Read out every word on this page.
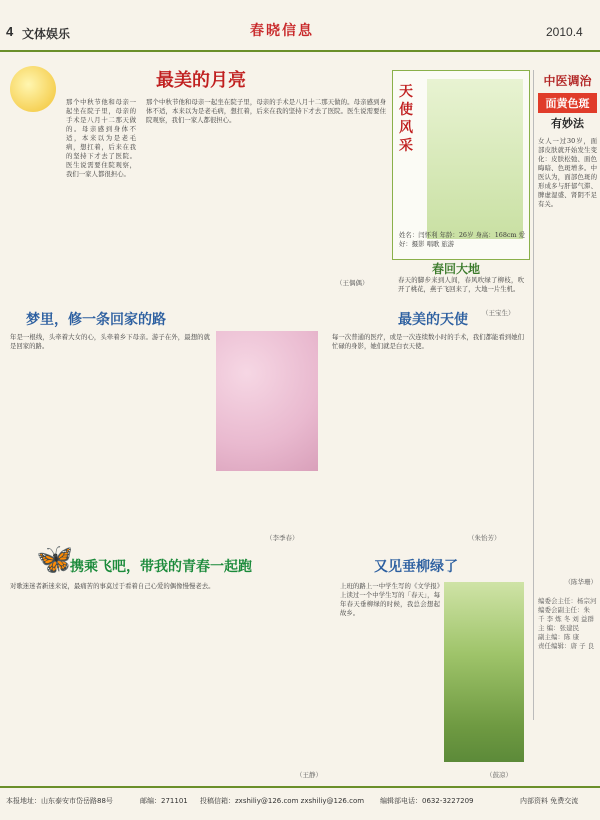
4 文体娱乐	春晓信息	2010.4
最美的月亮
那个中秋节他和母亲一起坐在院子里，母亲的手术是八月十二那天做的。母亲感到身体不适，本来以为是老毛病，想扛着，后来在我的坚持下才去了医院。医生说需要住院观察，我们一家人都很担心。
那个中秋节他和母亲一起坐在院子里，母亲的手术是八月十二那天做的。母亲感到身体不适，本来以为是老毛病，想扛着，后来在我的坚持下才去了医院。医生说需要住院观察，我们一家人都很担心。
（王偶偶）
天使风采
姓名：闫怀利 年龄：26岁 身高：168cm 爱好：摄影 唱歌 旅游
春回大地
春天的脚步来到人间，春风吹绿了柳枝，吹开了桃花，燕子飞回来了，大地一片生机。
（王宝生）
梦里，修一条回家的路
年是一根线，头牵着大女的心，头牵着乡下母亲。游子在外，最想的就是回家的路。
（李季春）
最美的天使
每一次普通的医疗，或是一次连续数小时的手术，我们都能看到她们忙碌的身影，她们就是白衣天使。
（朱怡芳）
🦋
携乘飞吧，带我的青春一起跑
对歌迷迷者新迷来说，最痛苦的事莫过于看着自己心爱的偶像慢慢老去。
（王静）
又见垂柳绿了
上班的路上一中学生写的《文学报》上读过一个中学生写的「春天」，每年春天垂柳绿的时候，我总会想起故乡。
（鼓凉）
中医调治
面黄色斑
有妙法
女人一过30岁，面部皮肤就开始发生变化：皮肤松弛、面色晦暗、色斑增多。中医认为，面部色斑的形成多与肝郁气滞、脾虚湿盛、肾阴不足有关。
（陈华珊）
编委会主任：杨宗河
编委会副主任：朱 千 李 炼 冬 刘 益群
主 编：张建民
副主编：陈 康
责任编辑：唐 子 良
本报地址：山东泰安市岱岳路88号	邮编：271101 投稿信箱：zxshiliy@126.com zxshiliy@126.com 编辑部电话：0632-3227209	内部资料 免费交流
